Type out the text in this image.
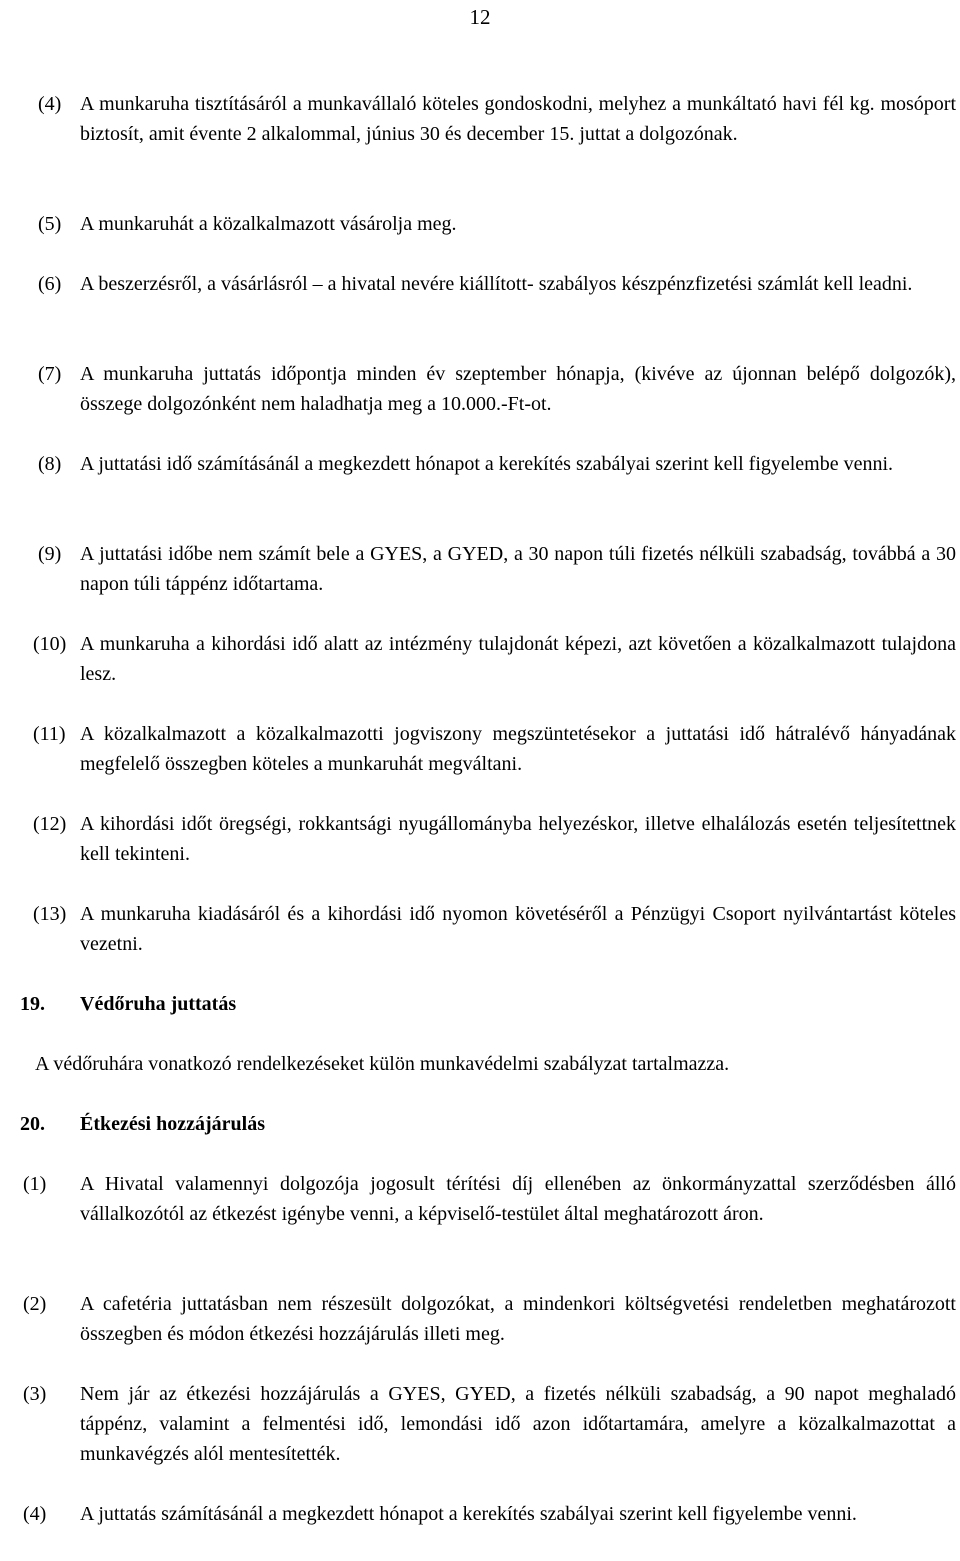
12
(4) A munkaruha tisztításáról a munkavállaló köteles gondoskodni, melyhez a munkáltató havi fél kg. mosóport biztosít, amit évente 2 alkalommal, június 30 és december 15. juttat a dolgozónak.
(5) A munkaruhát a közalkalmazott vásárolja meg.
(6) A beszerzésről, a vásárlásról – a hivatal nevére kiállított- szabályos készpénzfizetési számlát kell leadni.
(7) A munkaruha juttatás időpontja minden év szeptember hónapja, (kivéve az újonnan belépő dolgozók), összege dolgozónként nem haladhatja meg a 10.000.-Ft-ot.
(8) A juttatási idő számításánál a megkezdett hónapot a kerekítés szabályai szerint kell figyelembe venni.
(9) A juttatási időbe nem számít bele a GYES, a GYED, a 30 napon túli fizetés nélküli szabadság, továbbá a 30 napon túli táppénz időtartama.
(10) A munkaruha a kihordási idő alatt az intézmény tulajdonát képezi, azt követően a közalkalmazott tulajdona lesz.
(11) A közalkalmazott a közalkalmazotti jogviszony megszüntetésekor a juttatási idő hátralévő hányadának megfelelő összegben köteles a munkaruhát megváltani.
(12) A kihordási időt öregségi, rokkantsági nyugállományba helyezéskor, illetve elhalálozás esetén teljesítettnek kell tekinteni.
(13) A munkaruha kiadásáról és a kihordási idő nyomon követéséről a Pénzügyi Csoport nyilvántartást köteles vezetni.
19.	Védőruha juttatás
A védőruhára vonatkozó rendelkezéseket külön munkavédelmi szabályzat tartalmazza.
20.	Étkezési hozzájárulás
(1)	A Hivatal valamennyi dolgozója jogosult térítési díj ellenében az önkormányzattal szerződésben álló vállalkozótól az étkezést igénybe venni, a képviselő-testület által meghatározott áron.
(2)	A cafetéria juttatásban nem részesült dolgozókat, a mindenkori költségvetési rendeletben meghatározott összegben és módon étkezési hozzájárulás illeti meg.
(3)	Nem jár az étkezési hozzájárulás a GYES, GYED, a fizetés nélküli szabadság, a 90 napot meghaladó táppénz, valamint a felmentési idő, lemondási idő azon időtartamára, amelyre a közalkalmazottat a munkavégzés alól mentesítették.
(4)	A juttatás számításánál a megkezdett hónapot a kerekítés szabályai szerint kell figyelembe venni.
